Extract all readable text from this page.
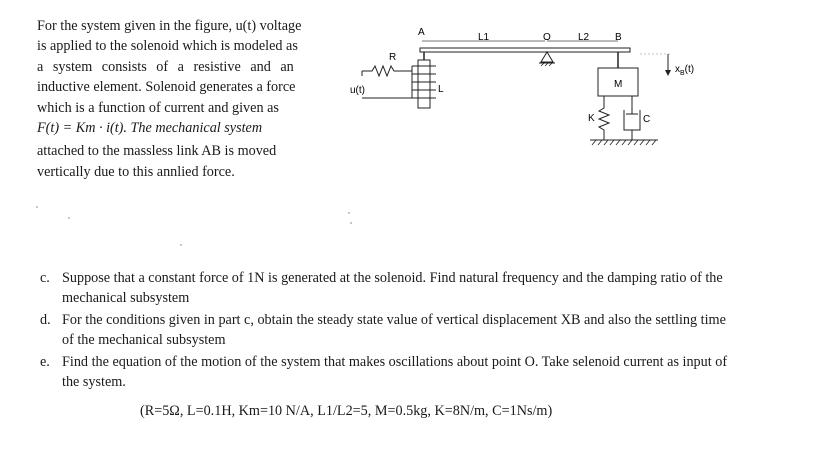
For the system given in the figure, u(t) voltage

is applied to the solenoid which is modeled as

a system consists of a resistive and an

inductive element. Solenoid generates a force

which is a function of current and given as

F(t) = Km · i(t). The mechanical system

attached to the massless link AB is moved

vertically due to this annlied force.

A	L1	O	L2	B
R
L
u(t)
M
K	C
$x_B(t)$
c. Suppose that a constant force of 1N is generated at the solenoid. Find natural frequency and the damping ratio of the mechanical subsystem
d. For the conditions given in part c, obtain the steady state value of vertical displacement XB and also the settling time of the mechanical subsystem
e. Find the equation of the motion of the system that makes oscillations about point O. Take selenoid current as input of the system.
(R=5Ω, L=0.1H, Km=10 N/A, L1/L2=5, M=0.5kg, K=8N/m, C=1Ns/m)
